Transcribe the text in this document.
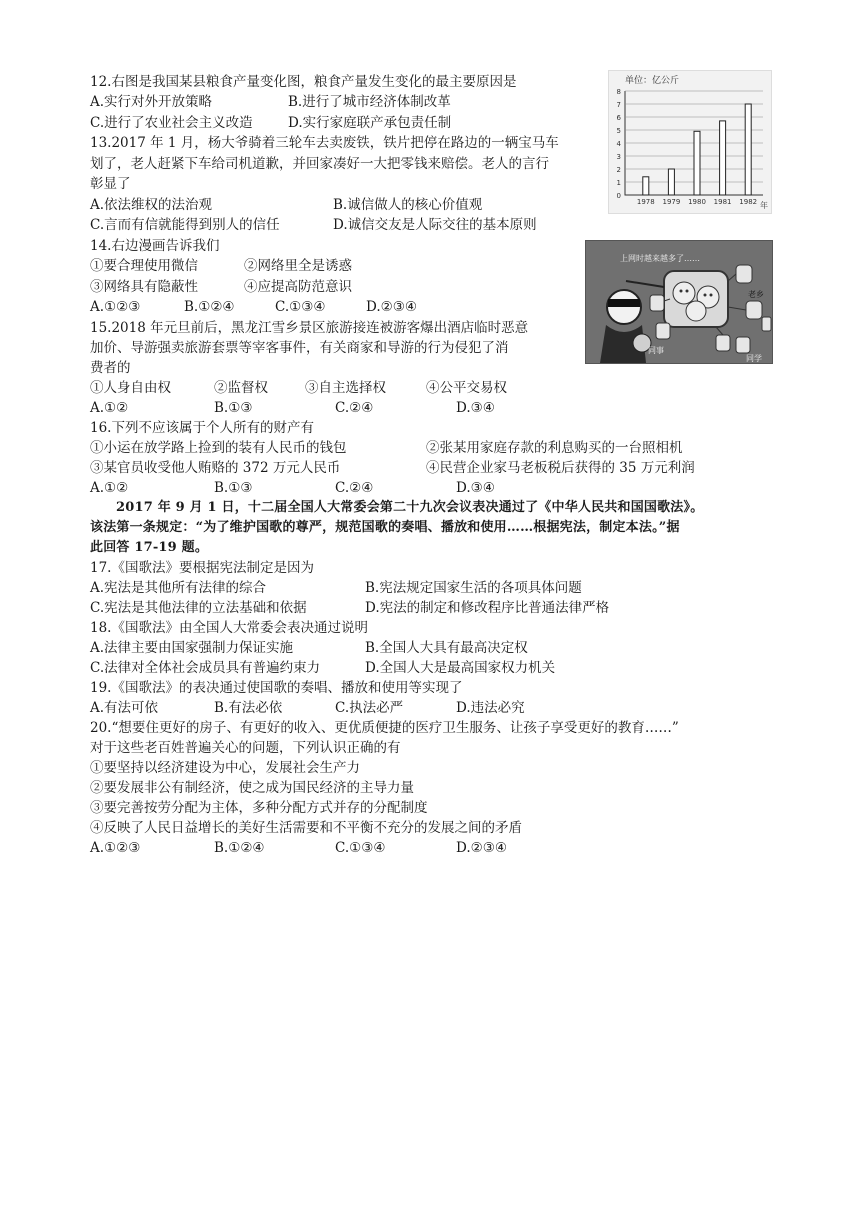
12.右图是我国某县粮食产量变化图，粮食产量发生变化的最主要原因是
A.实行对外开放策略	B.进行了城市经济体制改革
C.进行了农业社会主义改造	D.实行家庭联产承包责任制
13.2017 年 1 月，杨大爷骑着三轮车去卖废铁，铁片把停在路边的一辆宝马车
划了，老人赶紧下车给司机道歉，并回家凑好一大把零钱来赔偿。老人的言行
彰显了
A.依法维权的法治观	B.诚信做人的核心价值观
C.言而有信就能得到别人的信任	D.诚信交友是人际交往的基本原则
14.右边漫画告诉我们
①要合理使用微信	②网络里全是诱惑
③网络具有隐蔽性	④应提高防范意识
A.①②③	B.①②④	C.①③④	D.②③④
15.2018 年元旦前后，黑龙江雪乡景区旅游接连被游客爆出酒店临时恶意
加价、导游强卖旅游套票等宰客事件，有关商家和导游的行为侵犯了消
费者的
①人身自由权	②监督权	③自主选择权	④公平交易权
A.①②	B.①③	C.②④	D.③④
16.下列不应该属于个人所有的财产有
①小运在放学路上捡到的装有人民币的钱包	②张某用家庭存款的利息购买的一台照相机
③某官员收受他人贿赂的 372 万元人民币	④民营企业家马老板税后获得的 35 万元利润
A.①②	B.①③	C.②④	D.③④
2017 年 9 月 1 日，十二届全国人大常委会第二十九次会议表决通过了《中华人民共和国国歌法》。
该法第一条规定：“为了维护国歌的尊严，规范国歌的奏唱、播放和使用……根据宪法，制定本法。”据
此回答 17-19 题。
17.《国歌法》要根据宪法制定是因为
A.宪法是其他所有法律的综合	B.宪法规定国家生活的各项具体问题
C.宪法是其他法律的立法基础和依据	D.宪法的制定和修改程序比普通法律严格
18.《国歌法》由全国人大常委会表决通过说明
A.法律主要由国家强制力保证实施	B.全国人大具有最高决定权
C.法律对全体社会成员具有普遍约束力	D.全国人大是最高国家权力机关
19.《国歌法》的表决通过使国歌的奏唱、播放和使用等实现了
A.有法可依	B.有法必依	C.执法必严	D.违法必究
20.“想要住更好的房子、有更好的收入、更优质便捷的医疗卫生服务、让孩子享受更好的教育……”
对于这些老百姓普遍关心的问题，下列认识正确的有
①要坚持以经济建设为中心，发展社会生产力
②要发展非公有制经济，使之成为国民经济的主导力量
③要完善按劳分配为主体，多种分配方式并存的分配制度
④反映了人民日益增长的美好生活需要和不平衡不充分的发展之间的矛盾
A.①②③	B.①②④	C.①③④	D.②③④
单位：亿公斤
年
0
1
2
3
4
5
6
7
8
1978 1979 1980 1981 1982
上网时越来越多了……
老乡
同事
同学
